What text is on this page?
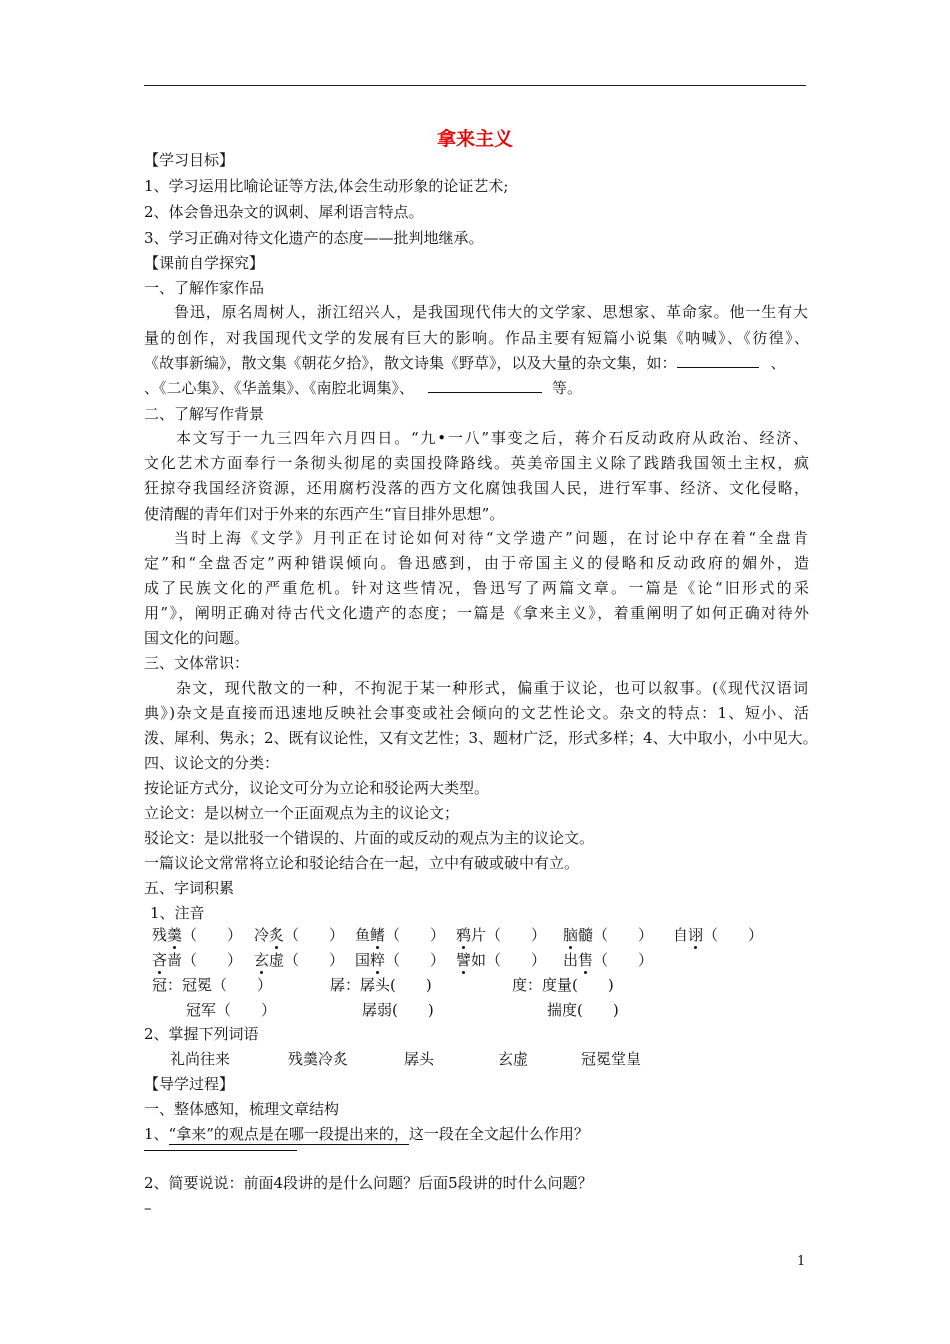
拿来主义
【学习目标】
1、学习运用比喻论证等方法,体会生动形象的论证艺术;
2、体会鲁迅杂文的讽刺、犀利语言特点。
3、学习正确对待文化遗产的态度——批判地继承。
【课前自学探究】
一、了解作家作品
鲁迅，原名周树人，浙江绍兴人，是我国现代伟大的文学家、思想家、革命家。他一生有大
量的创作，对我国现代文学的发展有巨大的影响。作品主要有短篇小说集《呐喊》、《彷徨》、
《故事新编》，散文集《朝花夕拾》，散文诗集《野草》，以及大量的杂文集，如：	、
、《二心集》、《华盖集》、《南腔北调集》、	等。
二、了解写作背景
本文写于一九三四年六月四日。“九•一八”事变之后，蒋介石反动政府从政治、经济、
文化艺术方面奉行一条彻头彻尾的卖国投降路线。英美帝国主义除了践踏我国领土主权，疯
狂掠夺我国经济资源，还用腐朽没落的西方文化腐蚀我国人民，进行军事、经济、文化侵略，
使清醒的青年们对于外来的东西产生“盲目排外思想”。
当时上海《文学》月刊正在讨论如何对待“文学遗产”问题，在讨论中存在着“全盘肯
定”和“全盘否定”两种错误倾向。鲁迅感到，由于帝国主义的侵略和反动政府的媚外，造
成了民族文化的严重危机。针对这些情况，鲁迅写了两篇文章。一篇是《论“旧形式的采
用”》，阐明正确对待古代文化遗产的态度；一篇是《拿来主义》，着重阐明了如何正确对待外
国文化的问题。
三、文体常识：
杂文，现代散文的一种，不拘泥于某一种形式，偏重于议论，也可以叙事。(《现代汉语词
典》)杂文是直接而迅速地反映社会事变或社会倾向的文艺性论文。杂文的特点：1、短小、活
泼、犀利、隽永；2、既有议论性，又有文艺性；3、题材广泛，形式多样；4、大中取小，小中见大。
四、议论文的分类：
按论证方式分，议论文可分为立论和驳论两大类型。
立论文：是以树立一个正面观点为主的议论文；
驳论文：是以批驳一个错误的、片面的或反动的观点为主的议论文。
一篇议论文常常将立论和驳论结合在一起，立中有破或破中有立。
五、字词积累
1、注音
残羹（　　） 冷炙（　　） 鱼鳍（　　） 鸦片（　　） 脑髓（　　） 自诩（　　）
吝啬（　　） 玄虚（　　） 国粹（　　） 譬如（　　） 出售（　　）
冠：冠冕（　　）	孱：孱头(　　)	度：度量(　　)
冠军（　　）	孱弱(　　)	揣度(　　)
2、掌握下列词语
礼尚往来	残羹冷炙	孱头	玄虚	冠冕堂皇
【导学过程】
一、整体感知，梳理文章结构
1、“拿来”的观点是在哪一段提出来的，这一段在全文起什么作用？
2、简要说说：前面4段讲的是什么问题？后面5段讲的时什么问题？
–
1
